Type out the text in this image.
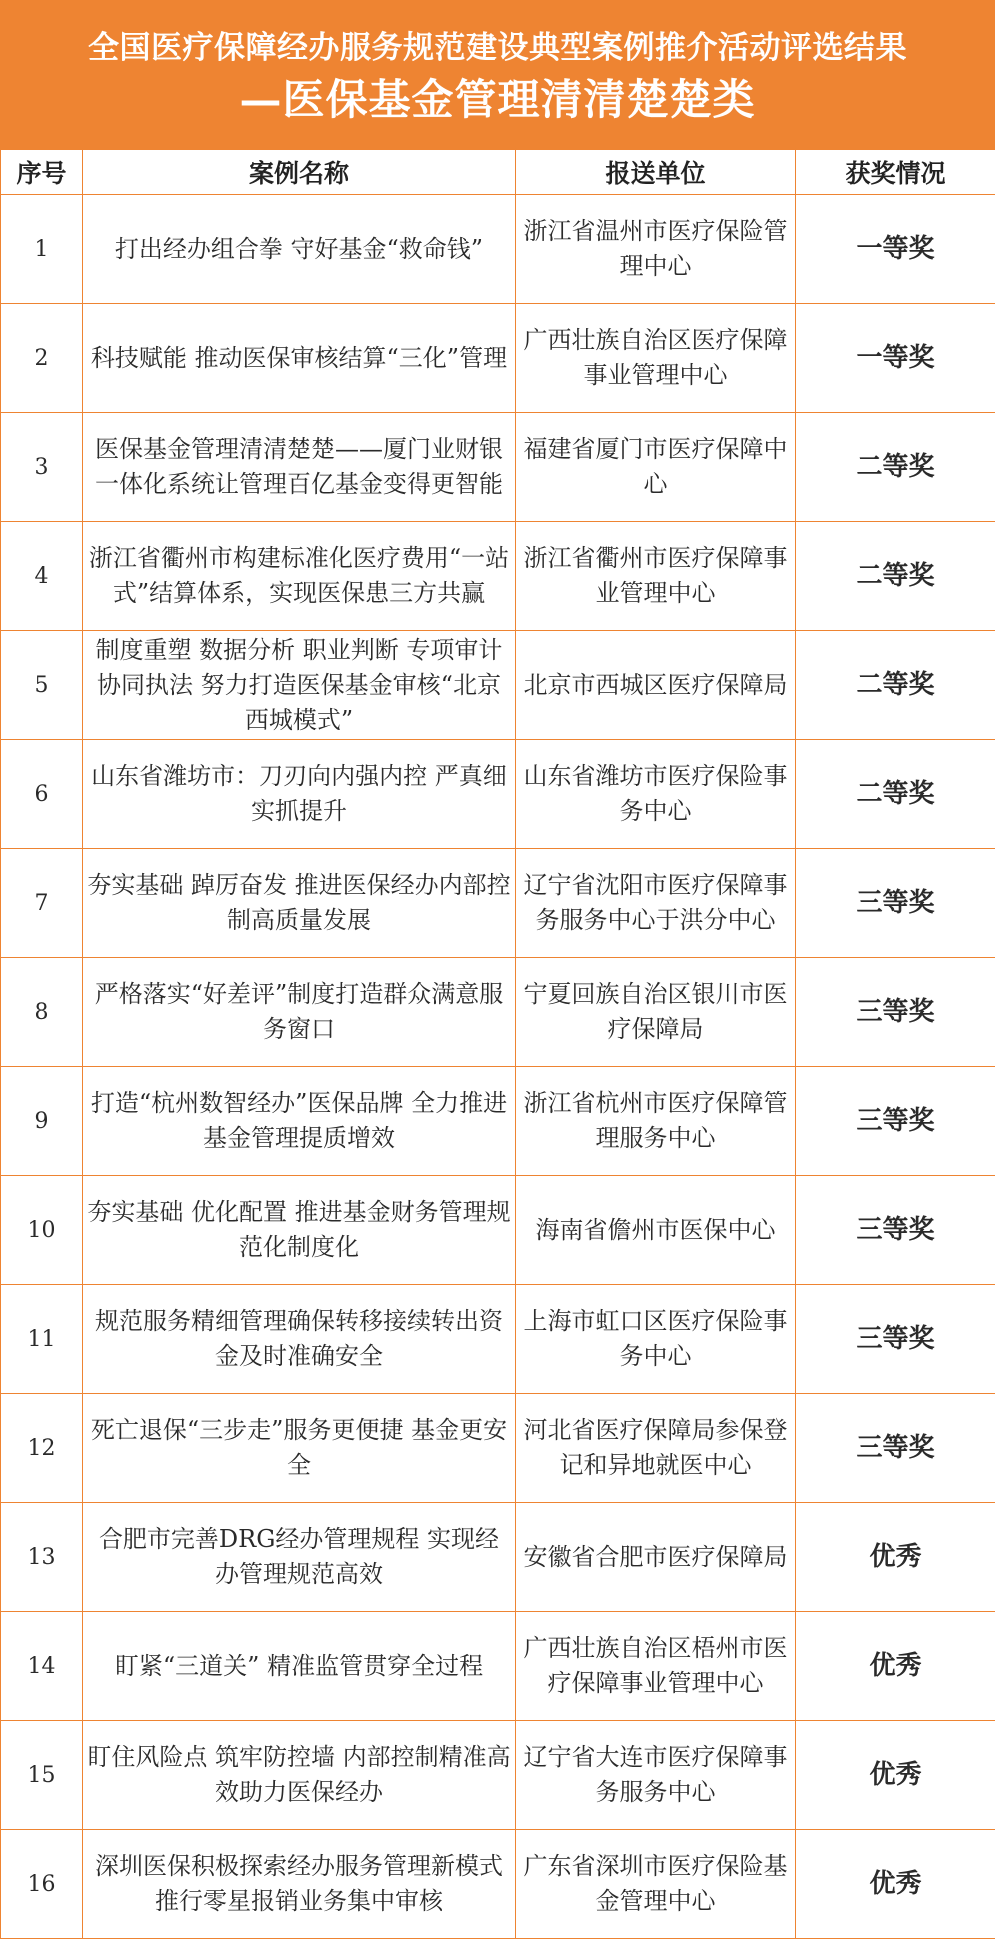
全国医疗保障经办服务规范建设典型案例推介活动评选结果
—医保基金管理清清楚楚类
序号	案例名称	报送单位	获奖情况
1	打出经办组合拳 守好基金“救命钱”	浙江省温州市医疗保险管理中心	一等奖
2	科技赋能 推动医保审核结算“三化”管理	广西壮族自治区医疗保障事业管理中心	一等奖
3	医保基金管理清清楚楚——厦门业财银一体化系统让管理百亿基金变得更智能	福建省厦门市医疗保障中心	二等奖
4	浙江省衢州市构建标准化医疗费用“一站式”结算体系，实现医保患三方共赢	浙江省衢州市医疗保障事业管理中心	二等奖
5	制度重塑 数据分析 职业判断 专项审计 协同执法 努力打造医保基金审核“北京西城模式”	北京市西城区医疗保障局	二等奖
6	山东省潍坊市：刀刃向内强内控 严真细实抓提升	山东省潍坊市医疗保险事务中心	二等奖
7	夯实基础 踔厉奋发 推进医保经办内部控制高质量发展	辽宁省沈阳市医疗保障事务服务中心于洪分中心	三等奖
8	严格落实“好差评”制度打造群众满意服务窗口	宁夏回族自治区银川市医疗保障局	三等奖
9	打造“杭州数智经办”医保品牌 全力推进基金管理提质增效	浙江省杭州市医疗保障管理服务中心	三等奖
10	夯实基础 优化配置 推进基金财务管理规范化制度化	海南省儋州市医保中心	三等奖
11	规范服务精细管理确保转移接续转出资金及时准确安全	上海市虹口区医疗保险事务中心	三等奖
12	死亡退保“三步走”服务更便捷 基金更安全	河北省医疗保障局参保登记和异地就医中心	三等奖
13	合肥市完善DRG经办管理规程 实现经办管理规范高效	安徽省合肥市医疗保障局	优秀
14	盯紧“三道关” 精准监管贯穿全过程	广西壮族自治区梧州市医疗保障事业管理中心	优秀
15	盯住风险点 筑牢防控墙 内部控制精准高效助力医保经办	辽宁省大连市医疗保障事务服务中心	优秀
16	深圳医保积极探索经办服务管理新模式 推行零星报销业务集中审核	广东省深圳市医疗保险基金管理中心	优秀
